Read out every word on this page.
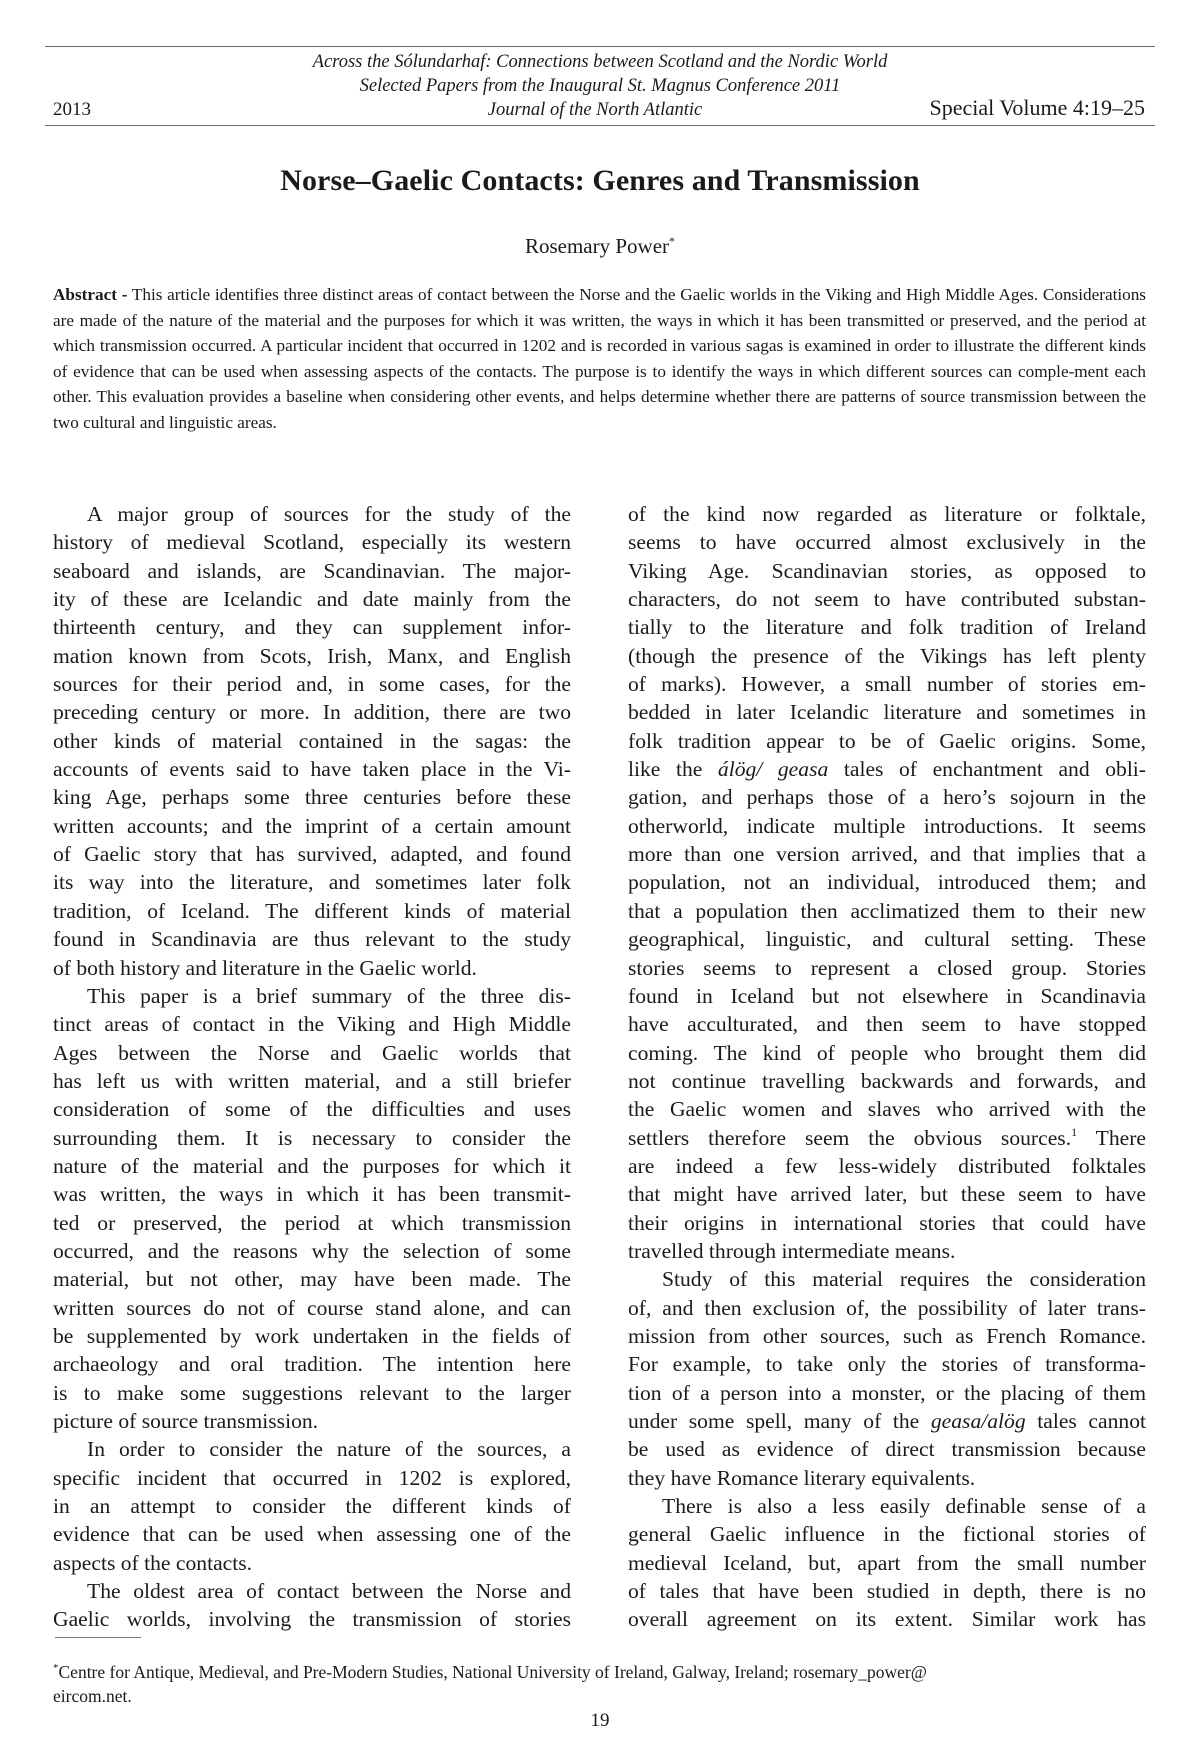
2013
Across the Sólundarhaf: Connections between Scotland and the Nordic World
Selected Papers from the Inaugural St. Magnus Conference 2011
Journal of the North Atlantic	Special Volume 4:19–25
Norse–Gaelic Contacts: Genres and Transmission
Rosemary Power*
Abstract - This article identifies three distinct areas of contact between the Norse and the Gaelic worlds in the Viking and High Middle Ages. Considerations are made of the nature of the material and the purposes for which it was written, the ways in which it has been transmitted or preserved, and the period at which transmission occurred. A particular incident that occurred in 1202 and is recorded in various sagas is examined in order to illustrate the different kinds of evidence that can be used when assessing aspects of the contacts. The purpose is to identify the ways in which different sources can comple-ment each other. This evaluation provides a baseline when considering other events, and helps determine whether there are patterns of source transmission between the two cultural and linguistic areas.

A major group of sources for the study of the
history of medieval Scotland, especially its western
seaboard and islands, are Scandinavian. The major-
ity of these are Icelandic and date mainly from the
thirteenth century, and they can supplement infor-
mation known from Scots, Irish, Manx, and English
sources for their period and, in some cases, for the
preceding century or more. In addition, there are two
other kinds of material contained in the sagas: the
accounts of events said to have taken place in the Vi-
king Age, perhaps some three centuries before these
written accounts; and the imprint of a certain amount
of Gaelic story that has survived, adapted, and found
its way into the literature, and sometimes later folk
tradition, of Iceland. The different kinds of material
found in Scandinavia are thus relevant to the study
of both history and literature in the Gaelic world.

This paper is a brief summary of the three dis-
tinct areas of contact in the Viking and High Middle
Ages between the Norse and Gaelic worlds that
has left us with written material, and a still briefer
consideration of some of the difficulties and uses
surrounding them. It is necessary to consider the
nature of the material and the purposes for which it
was written, the ways in which it has been transmit-
ted or preserved, the period at which transmission
occurred, and the reasons why the selection of some
material, but not other, may have been made. The
written sources do not of course stand alone, and can
be supplemented by work undertaken in the fields of
archaeology and oral tradition. The intention here
is to make some suggestions relevant to the larger
picture of source transmission.

In order to consider the nature of the sources, a
specific incident that occurred in 1202 is explored,
in an attempt to consider the different kinds of
evidence that can be used when assessing one of the
aspects of the contacts.

The oldest area of contact between the Norse and
Gaelic worlds, involving the transmission of stories

of the kind now regarded as literature or folktale,
seems to have occurred almost exclusively in the
Viking Age. Scandinavian stories, as opposed to
characters, do not seem to have contributed substan-
tially to the literature and folk tradition of Ireland
(though the presence of the Vikings has left plenty
of marks). However, a small number of stories em-
bedded in later Icelandic literature and sometimes in
folk tradition appear to be of Gaelic origins. Some,
like the álög/ geasa tales of enchantment and obli-
gation, and perhaps those of a hero’s sojourn in the
otherworld, indicate multiple introductions. It seems
more than one version arrived, and that implies that a
population, not an individual, introduced them; and
that a population then acclimatized them to their new
geographical, linguistic, and cultural setting. These
stories seems to represent a closed group. Stories
found in Iceland but not elsewhere in Scandinavia
have acculturated, and then seem to have stopped
coming. The kind of people who brought them did
not continue travelling backwards and forwards, and
the Gaelic women and slaves who arrived with the
settlers therefore seem the obvious sources.$^1$ There
are indeed a few less-widely distributed folktales
that might have arrived later, but these seem to have
their origins in international stories that could have
travelled through intermediate means.

Study of this material requires the consideration
of, and then exclusion of, the possibility of later trans-
mission from other sources, such as French Romance.
For example, to take only the stories of transforma-
tion of a person into a monster, or the placing of them
under some spell, many of the geasa/alög tales cannot
be used as evidence of direct transmission because
they have Romance literary equivalents.

There is also a less easily definable sense of a
general Gaelic influence in the fictional stories of
medieval Iceland, but, apart from the small number
of tales that have been studied in depth, there is no
overall agreement on its extent. Similar work has

*Centre for Antique, Medieval, and Pre-Modern Studies, National University of Ireland, Galway, Ireland; rosemary_power@
eircom.net.
19
